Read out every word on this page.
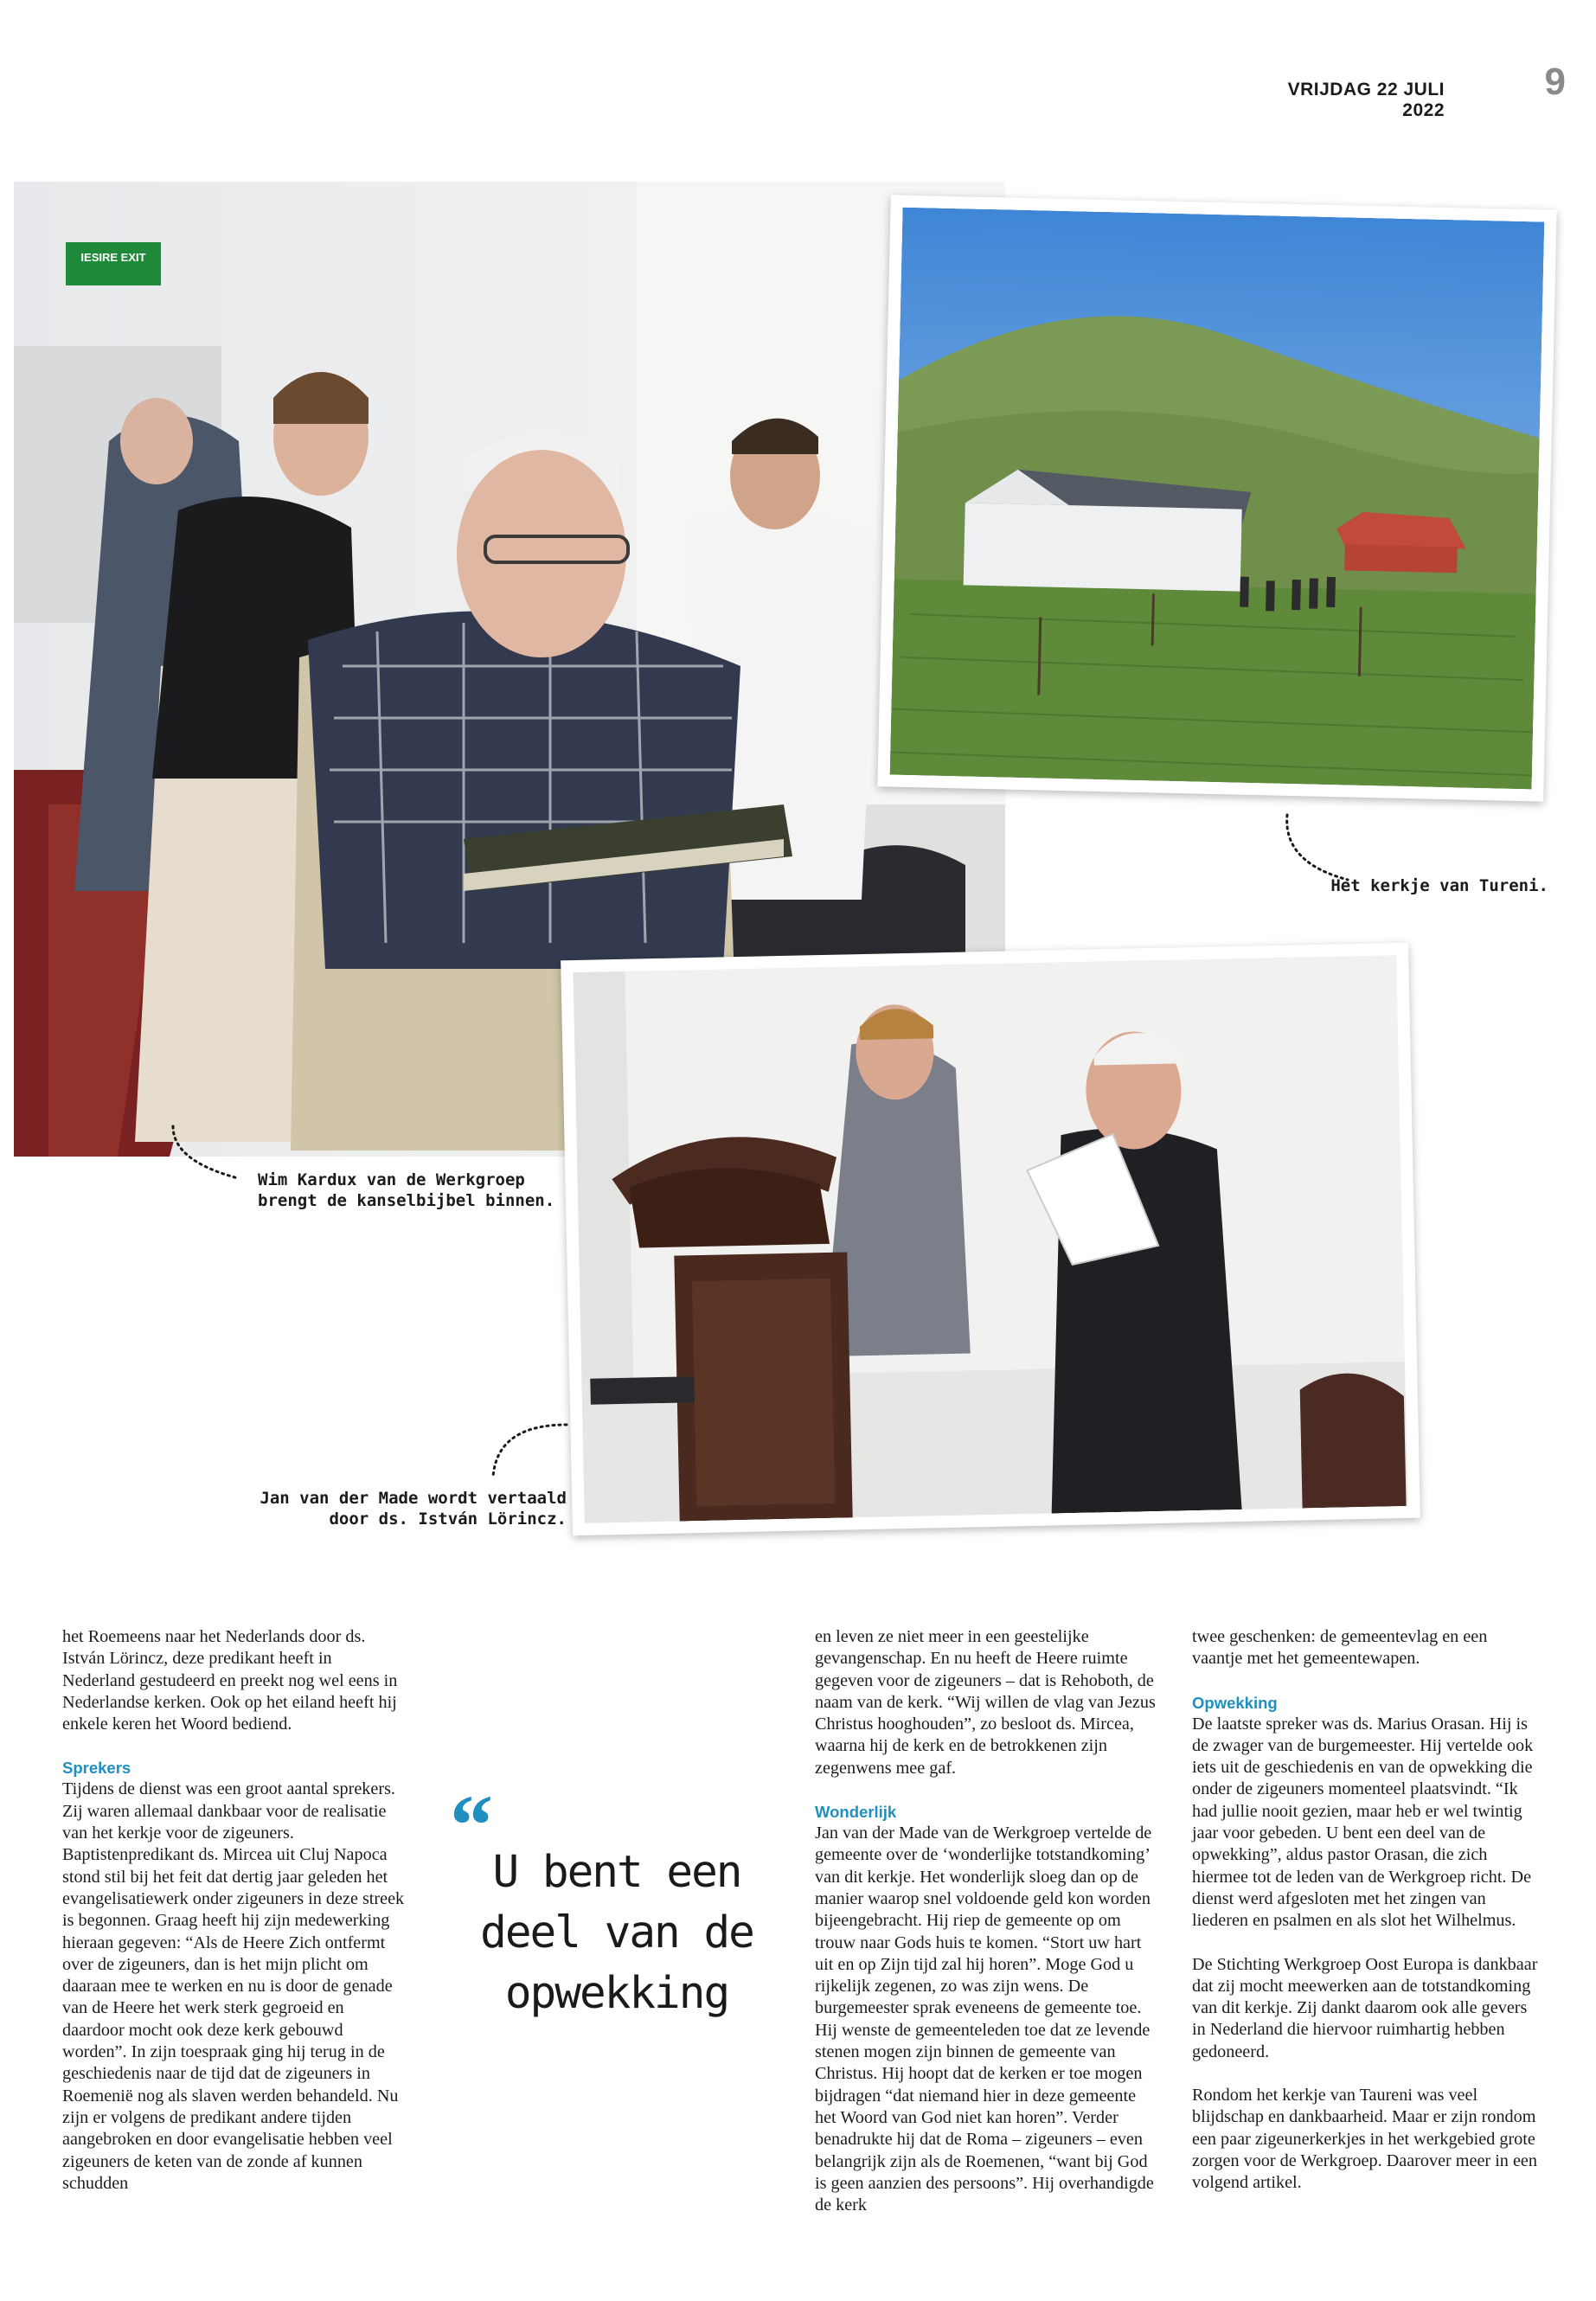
VRIJDAG 22 JULI 2022
9
IESIRE EXIT
Wim Kardux van de Werkgroep
brengt de kanselbijbel binnen.
Het kerkje van Tureni.
Jan van der Made wordt vertaald
door ds. István Lörincz.

het Roemeens naar het Nederlands door ds. István Lörincz, deze predikant heeft in Nederland gestudeerd en preekt nog wel eens in Nederlandse kerken. Ook op het eiland heeft hij enkele keren het Woord bediend.

Sprekers

Tijdens de dienst was een groot aantal sprekers. Zij waren allemaal dankbaar voor de realisatie van het kerkje voor de zigeuners. Baptistenpredikant ds. Mircea uit Cluj Napoca stond stil bij het feit dat dertig jaar geleden het evangelisatiewerk onder zigeuners in deze streek is begonnen. Graag heeft hij zijn medewerking hieraan gegeven: “Als de Heere Zich ontfermt over de zigeuners, dan is het mijn plicht om daaraan mee te werken en nu is door de genade van de Heere het werk sterk gegroeid en daardoor mocht ook deze kerk gebouwd worden”. In zijn toespraak ging hij terug in de geschiedenis naar de tijd dat de zigeuners in Roemenië nog als slaven werden behandeld. Nu zijn er volgens de predikant andere tijden aangebroken en door evangelisatie hebben veel zigeuners de keten van de zonde af kunnen schudden

“ U bent een deel van de opwekking

en leven ze niet meer in een geestelijke gevangenschap. En nu heeft de Heere ruimte gegeven voor de zigeuners – dat is Rehoboth, de naam van de kerk. “Wij willen de vlag van Jezus Christus hooghouden”, zo besloot ds. Mircea, waarna hij de kerk en de betrokkenen zijn zegenwens mee gaf.

Wonderlijk

Jan van der Made van de Werkgroep vertelde de gemeente over de ‘wonderlijke totstandkoming’ van dit kerkje. Het wonderlijk sloeg dan op de manier waarop snel voldoende geld kon worden bijeengebracht. Hij riep de gemeente op om trouw naar Gods huis te komen. “Stort uw hart uit en op Zijn tijd zal hij horen”. Moge God u rijkelijk zegenen, zo was zijn wens. De burgemeester sprak eveneens de gemeente toe. Hij wenste de gemeenteleden toe dat ze levende stenen mogen zijn binnen de gemeente van Christus. Hij hoopt dat de kerken er toe mogen bijdragen “dat niemand hier in deze gemeente het Woord van God niet kan horen”. Verder benadrukte hij dat de Roma – zigeuners – even belangrijk zijn als de Roemenen, “want bij God is geen aanzien des persoons”. Hij overhandigde de kerk

twee geschenken: de gemeentevlag en een vaantje met het gemeentewapen.

Opwekking

De laatste spreker was ds. Marius Orasan. Hij is de zwager van de burgemeester. Hij vertelde ook iets uit de geschiedenis en van de opwekking die onder de zigeuners momenteel plaatsvindt. “Ik had jullie nooit gezien, maar heb er wel twintig jaar voor gebeden. U bent een deel van de opwekking”, aldus pastor Orasan, die zich hiermee tot de leden van de Werkgroep richt. De dienst werd afgesloten met het zingen van liederen en psalmen en als slot het Wilhelmus.

De Stichting Werkgroep Oost Europa is dankbaar dat zij mocht meewerken aan de totstandkoming van dit kerkje. Zij dankt daarom ook alle gevers in Nederland die hiervoor ruimhartig hebben gedoneerd.

Rondom het kerkje van Taureni was veel blijdschap en dankbaarheid. Maar er zijn rondom een paar zigeunerkerkjes in het werkgebied grote zorgen voor de Werkgroep. Daarover meer in een volgend artikel.
